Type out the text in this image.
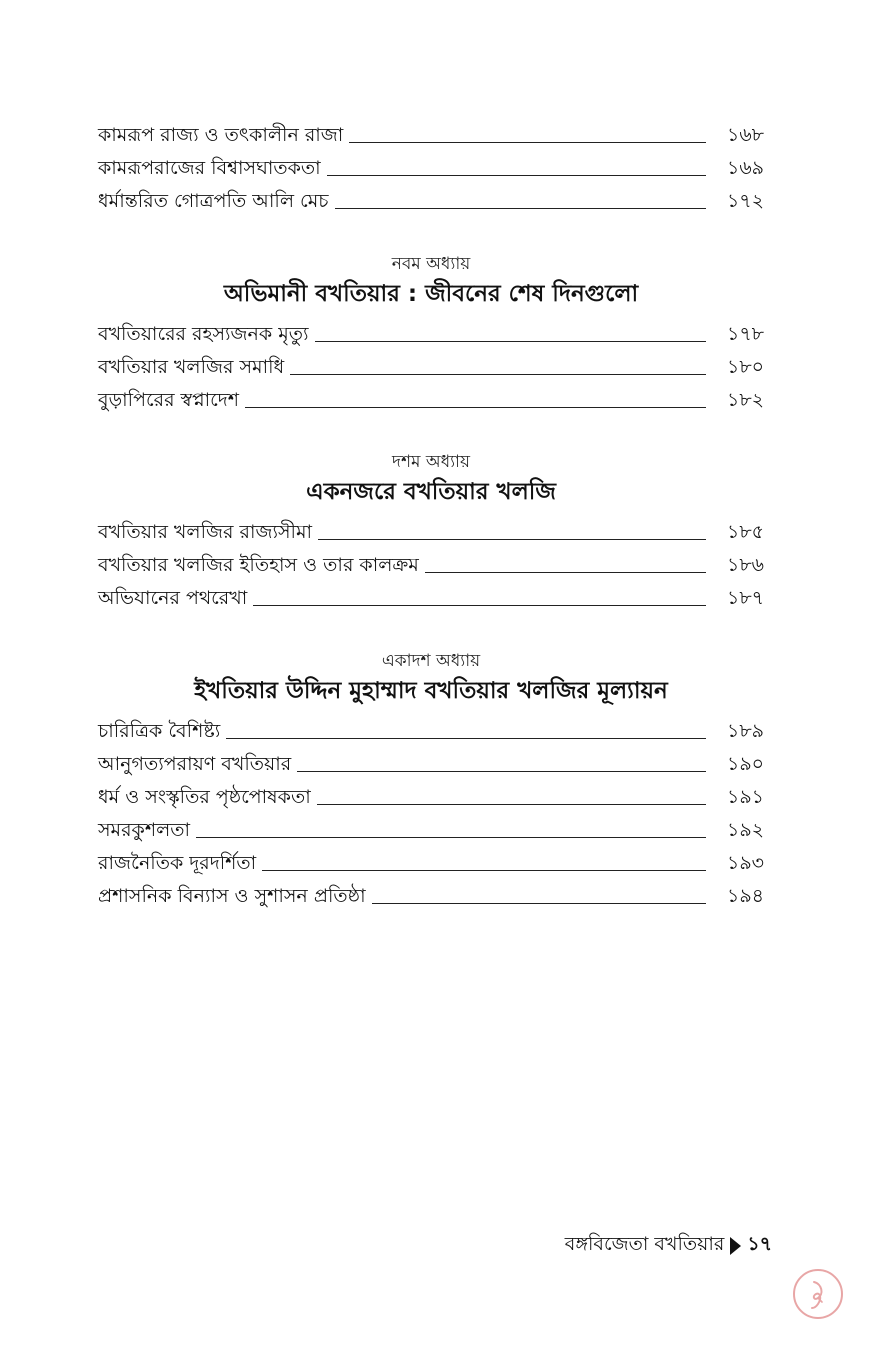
কামরূপ রাজ্য ও তৎকালীন রাজা	১৬৮
কামরূপরাজের বিশ্বাসঘাতকতা	১৬৯
ধর্মান্তরিত গোত্রপতি আলি মেচ	১৭২
নবম অধ্যায়
অভিমানী বখতিয়ার : জীবনের শেষ দিনগুলো
বখতিয়ারের রহস্যজনক মৃত্যু	১৭৮
বখতিয়ার খলজির সমাধি	১৮০
বুড়াপিরের স্বপ্নাদেশ	১৮২
দশম অধ্যায়
একনজরে বখতিয়ার খলজি
বখতিয়ার খলজির রাজ্যসীমা	১৮৫
বখতিয়ার খলজির ইতিহাস ও তার কালক্রম	১৮৬
অভিযানের পথরেখা	১৮৭
একাদশ অধ্যায়
ইখতিয়ার উদ্দিন মুহাম্মাদ বখতিয়ার খলজির মূল্যায়ন
চারিত্রিক বৈশিষ্ট্য	১৮৯
আনুগত্যপরায়ণ বখতিয়ার	১৯০
ধর্ম ও সংস্কৃতির পৃষ্ঠপোষকতা	১৯১
সমরকুশলতা	১৯২
রাজনৈতিক দূরদর্শিতা	১৯৩
প্রশাসনিক বিন্যাস ও সুশাসন প্রতিষ্ঠা	১৯৪
বঙ্গবিজেতা বখতিয়ার ১৭
